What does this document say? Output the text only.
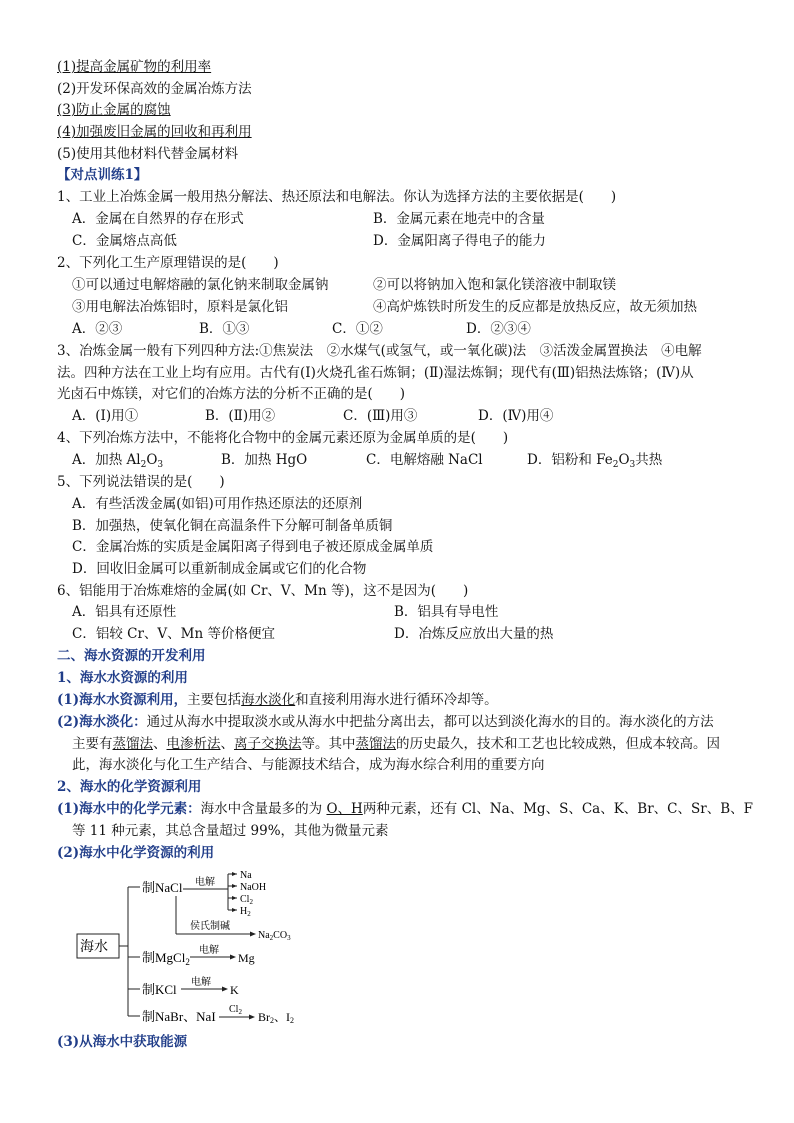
(1)提高金属矿物的利用率
(2)开发环保高效的金属冶炼方法
(3)防止金属的腐蚀
(4)加强废旧金属的回收和再利用
(5)使用其他材料代替金属材料
【对点训练1】
1、工业上冶炼金属一般用热分解法、热还原法和电解法。你认为选择方法的主要依据是(　　)
A．金属在自然界的存在形式	B．金属元素在地壳中的含量
C．金属熔点高低	D．金属阳离子得电子的能力
2、下列化工生产原理错误的是(　　)
①可以通过电解熔融的氯化钠来制取金属钠	②可以将钠加入饱和氯化镁溶液中制取镁
③用电解法冶炼铝时，原料是氯化铝	④高炉炼铁时所发生的反应都是放热反应，故无须加热
A．②③	B．①③	C．①②	D．②③④
3、冶炼金属一般有下列四种方法:①焦炭法　②水煤气(或氢气，或一氧化碳)法　③活泼金属置换法　④电解
法。四种方法在工业上均有应用。古代有(Ⅰ)火烧孔雀石炼铜；(Ⅱ)湿法炼铜；现代有(Ⅲ)铝热法炼铬；(Ⅳ)从
光卤石中炼镁，对它们的冶炼方法的分析不正确的是(　　)
A．(Ⅰ)用①	B．(Ⅱ)用②	C．(Ⅲ)用③	D．(Ⅳ)用④
4、下列冶炼方法中，不能将化合物中的金属元素还原为金属单质的是(　　)
A．加热 $Al_2O_3$	B．加热 HgO	C．电解熔融 NaCl	D．铝粉和 $Fe_2O_3$共热
5、下列说法错误的是(　　)
A．有些活泼金属(如铝)可用作热还原法的还原剂
B．加强热，使氧化铜在高温条件下分解可制备单质铜
C．金属冶炼的实质是金属阳离子得到电子被还原成金属单质
D．回收旧金属可以重新制成金属或它们的化合物
6、铝能用于冶炼难熔的金属(如 Cr、V、Mn 等)，这不是因为(　　)
A．铝具有还原性	B．铝具有导电性
C．铝较 Cr、V、Mn 等价格便宜	D．冶炼反应放出大量的热
二、海水资源的开发利用
1、海水水资源的利用
(1)海水水资源利用，主要包括海水淡化和直接利用海水进行循环冷却等。
(2)海水淡化：通过从海水中提取淡水或从海水中把盐分离出去，都可以达到淡化海水的目的。海水淡化的方法
主要有蒸馏法、电渗析法、离子交换法等。其中蒸馏法的历史最久，技术和工艺也比较成熟，但成本较高。因
此，海水淡化与化工生产结合、与能源技术结合，成为海水综合利用的重要方向
2、海水的化学资源利用
(1)海水中的化学元素：海水中含量最多的为 O、H两种元素，还有 Cl、Na、Mg、S、Ca、K、Br、C、Sr、B、F
等 11 种元素，其总含量超过 99%，其他为微量元素
(2)海水中化学资源的利用
海水
制NaCl 电解
Na
NaOH
$Cl_2$
$H_2$
侯氏制碱
$Na_2CO_3$
制MgCl$_2$
电解
Mg
制KCl 电解
K
制NaBr、NaI $Cl_2$ Br2、I2
(3)从海水中获取能源
